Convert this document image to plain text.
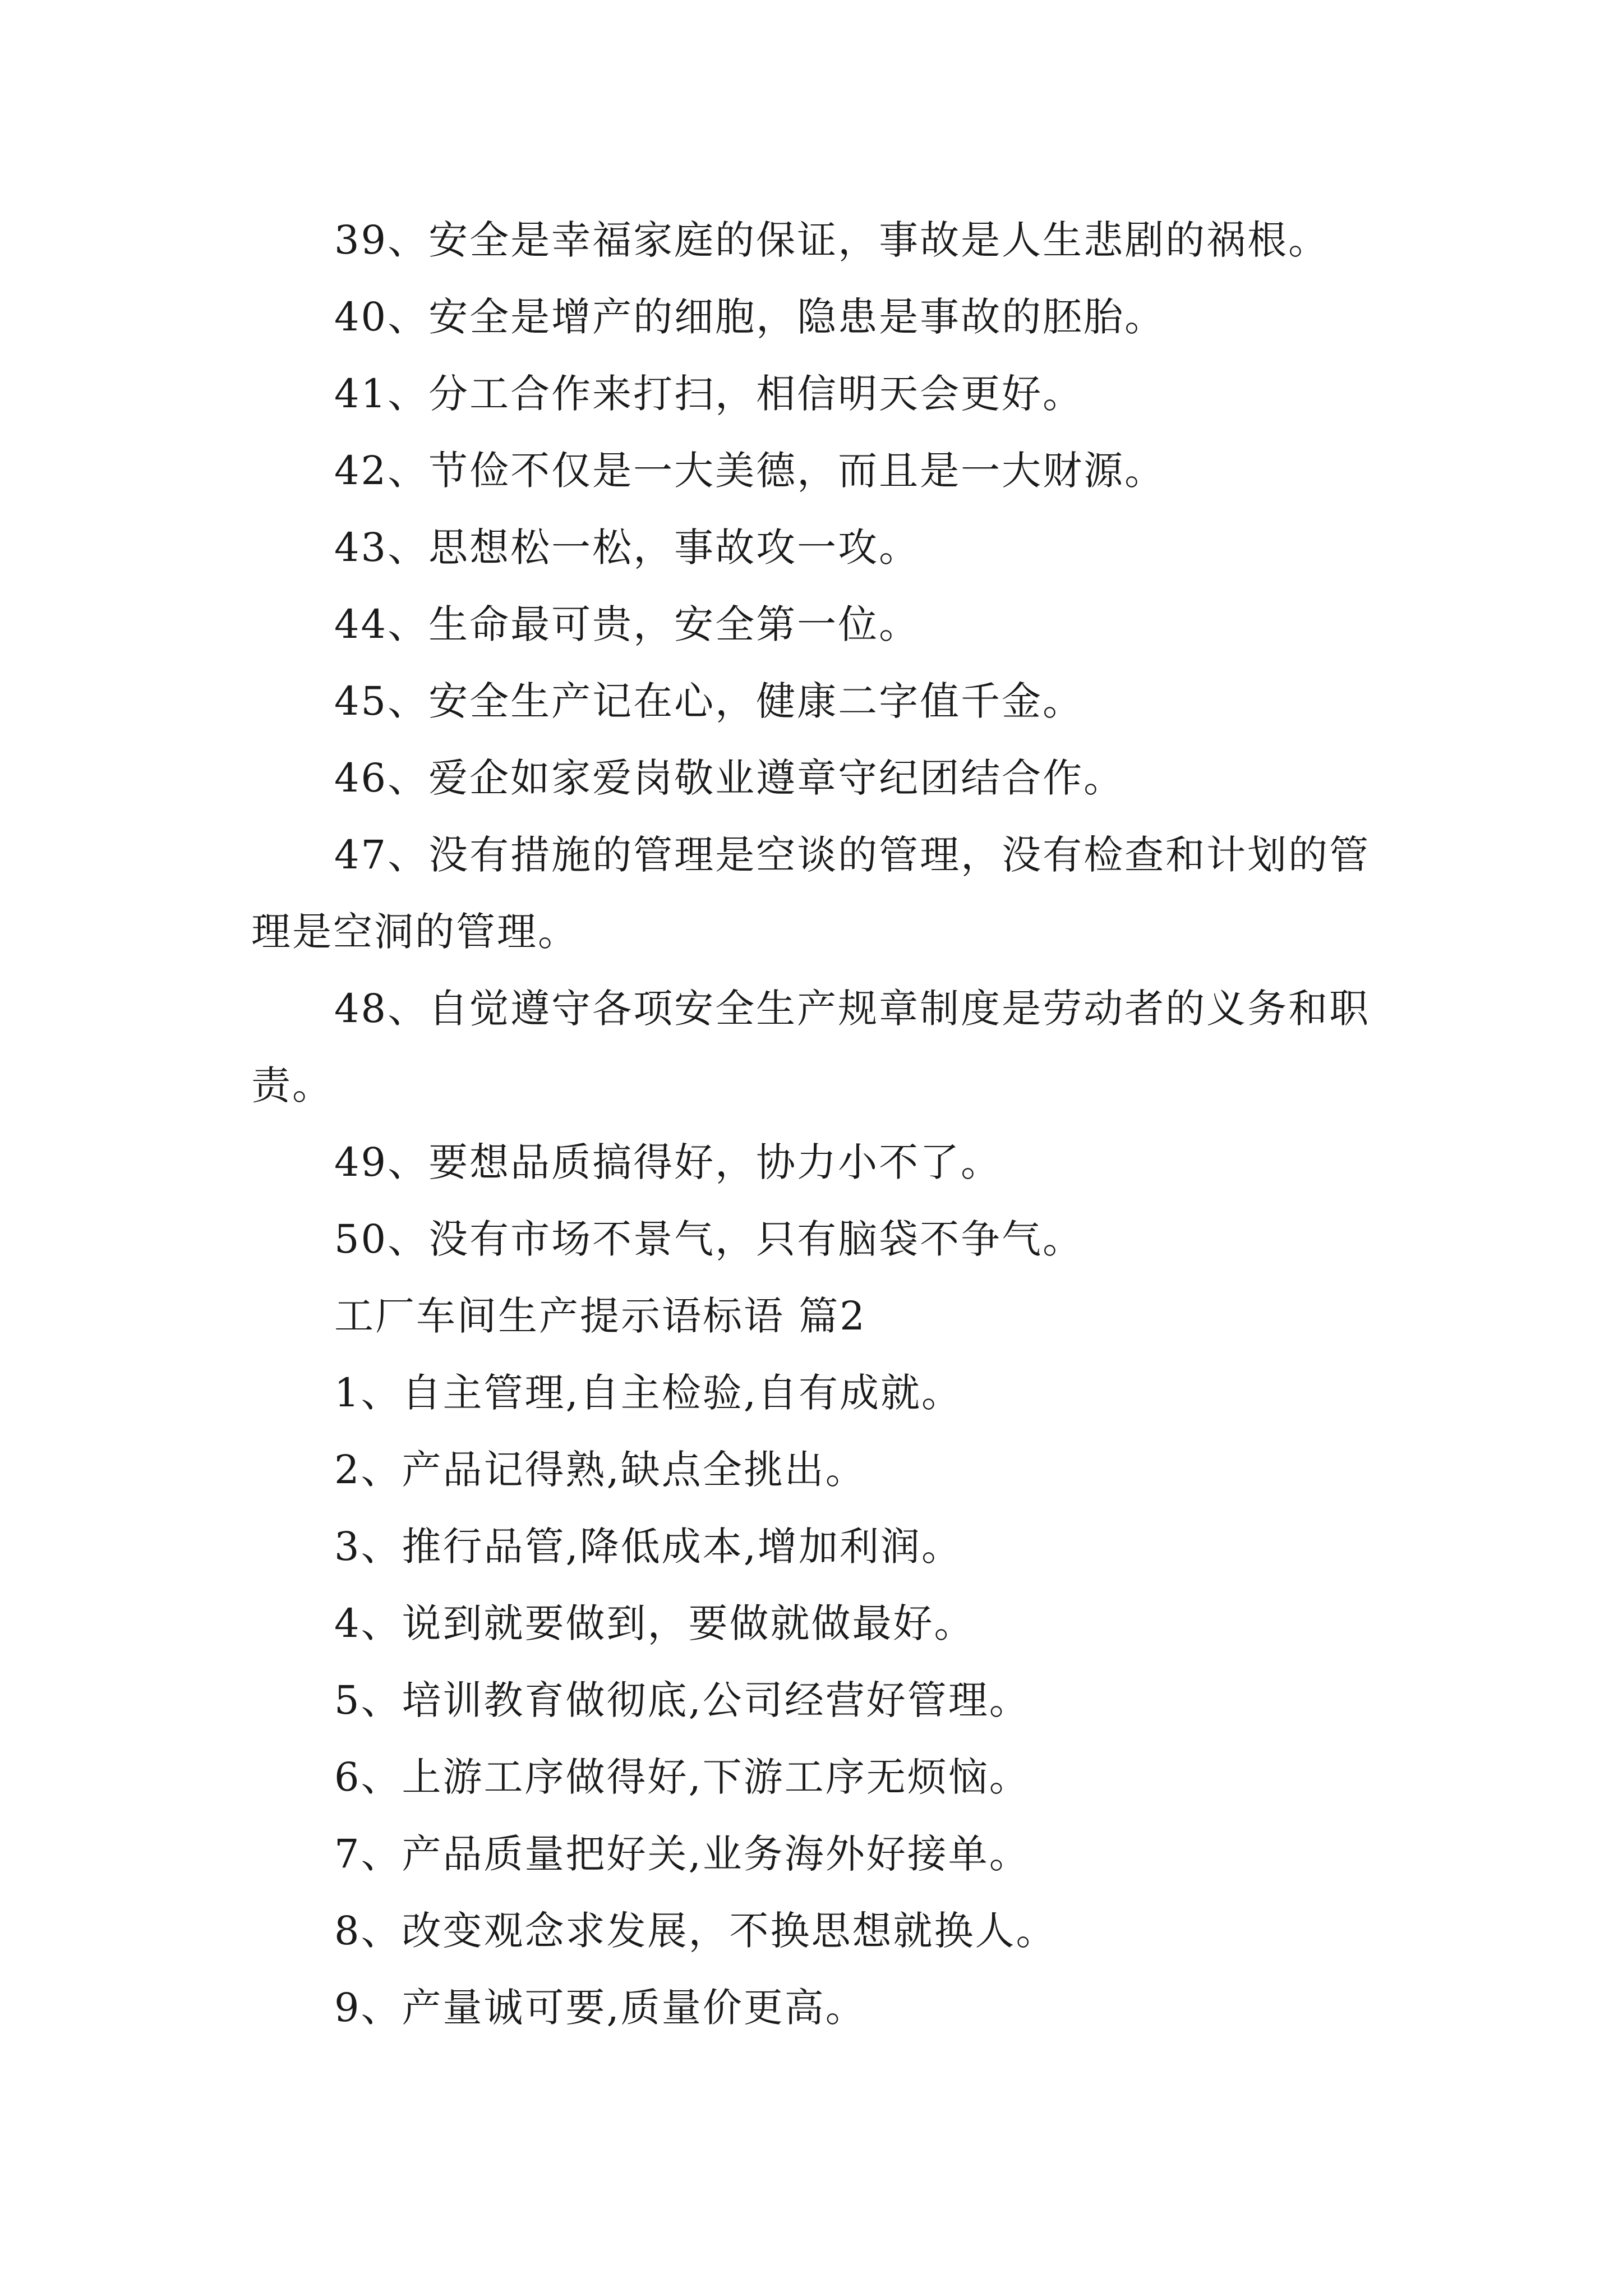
39、安全是幸福家庭的保证，事故是人生悲剧的祸根。
40、安全是增产的细胞，隐患是事故的胚胎。
41、分工合作来打扫，相信明天会更好。
42、节俭不仅是一大美德，而且是一大财源。
43、思想松一松，事故攻一攻。
44、生命最可贵，安全第一位。
45、安全生产记在心，健康二字值千金。
46、爱企如家爱岗敬业遵章守纪团结合作。
47、没有措施的管理是空谈的管理，没有检查和计划的管理是空洞的管理。
48、自觉遵守各项安全生产规章制度是劳动者的义务和职责。
49、要想品质搞得好，协力小不了。
50、没有市场不景气，只有脑袋不争气。
工厂车间生产提示语标语 篇2
1、自主管理,自主检验,自有成就。
2、产品记得熟,缺点全挑出。
3、推行品管,降低成本,增加利润。
4、说到就要做到，要做就做最好。
5、培训教育做彻底,公司经营好管理。
6、上游工序做得好,下游工序无烦恼。
7、产品质量把好关,业务海外好接单。
8、改变观念求发展，不换思想就换人。
9、产量诚可要,质量价更高。
